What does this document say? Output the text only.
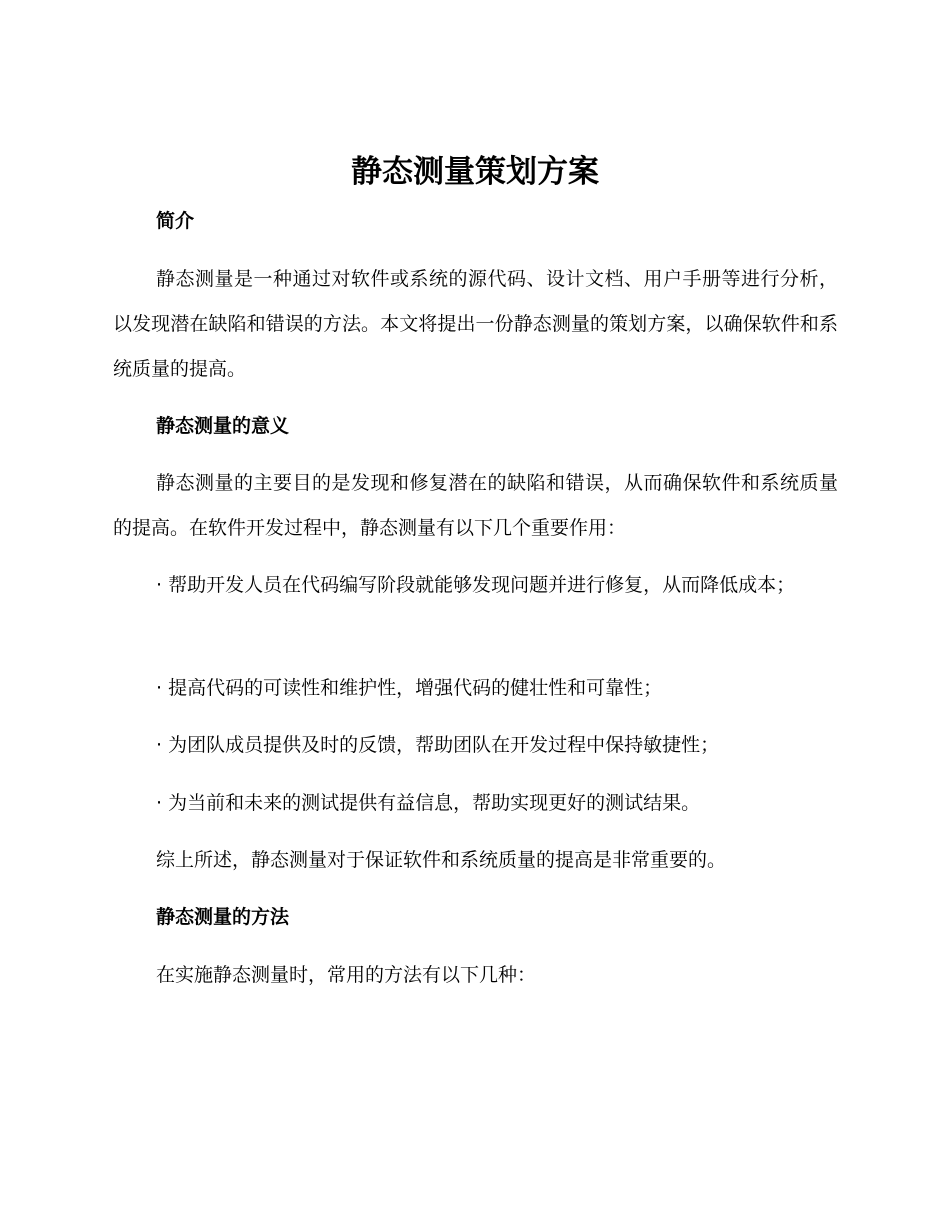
静态测量策划方案

简介

静态测量是一种通过对软件或系统的源代码、设计文档、用户手册等进行分析，以发现潜在缺陷和错误的方法。本文将提出一份静态测量的策划方案，以确保软件和系统质量的提高。

静态测量的意义

静态测量的主要目的是发现和修复潜在的缺陷和错误，从而确保软件和系统质量的提高。在软件开发过程中，静态测量有以下几个重要作用：

· 帮助开发人员在代码编写阶段就能够发现问题并进行修复，从而降低成本；

· 提高代码的可读性和维护性，增强代码的健壮性和可靠性；

· 为团队成员提供及时的反馈，帮助团队在开发过程中保持敏捷性；

· 为当前和未来的测试提供有益信息，帮助实现更好的测试结果。

综上所述，静态测量对于保证软件和系统质量的提高是非常重要的。

静态测量的方法

在实施静态测量时，常用的方法有以下几种：
